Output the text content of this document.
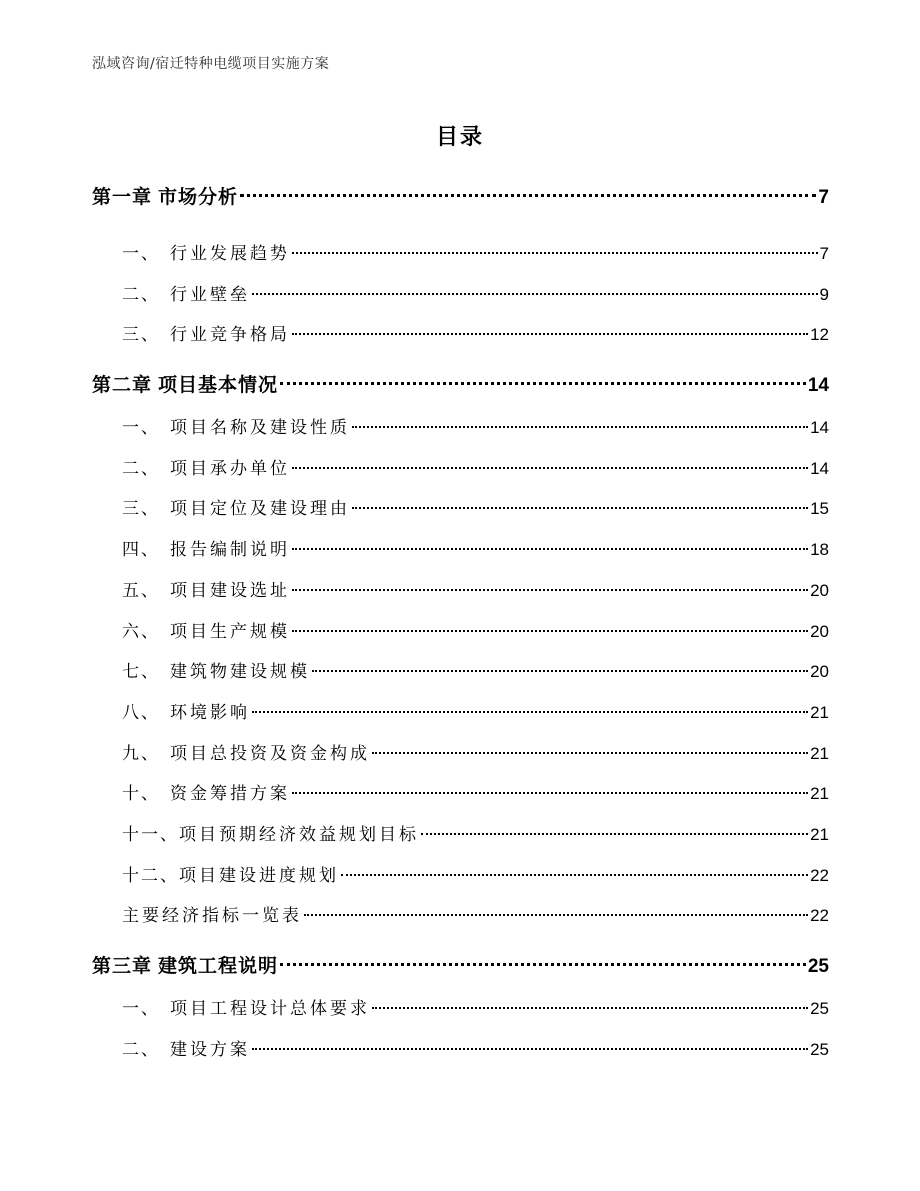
泓域咨询/宿迁特种电缆项目实施方案
目录
第一章 市场分析	7
一、 行业发展趋势	7
二、 行业壁垒	9
三、 行业竞争格局	12
第二章 项目基本情况	14
一、 项目名称及建设性质	14
二、 项目承办单位	14
三、 项目定位及建设理由	15
四、 报告编制说明	18
五、 项目建设选址	20
六、 项目生产规模	20
七、 建筑物建设规模	20
八、 环境影响	21
九、 项目总投资及资金构成	21
十、 资金筹措方案	21
十一、 项目预期经济效益规划目标	21
十二、 项目建设进度规划	22
主要经济指标一览表	22
第三章 建筑工程说明	25
一、 项目工程设计总体要求	25
二、 建设方案	25
